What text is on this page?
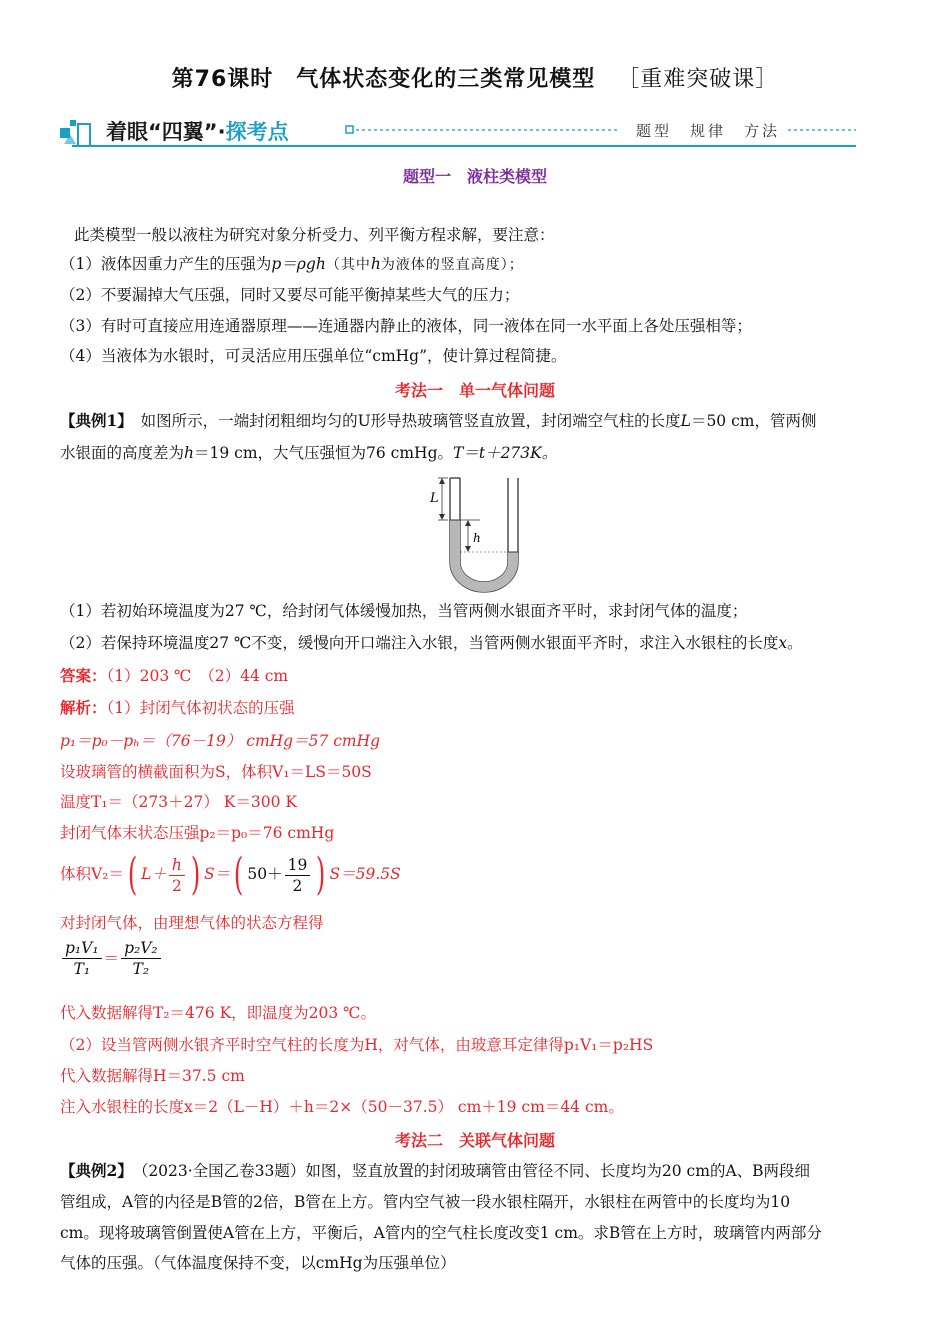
第76课时　气体状态变化的三类常见模型 ［重难突破课］
着眼“四翼”·探考点	题型　规律　方法
题型一　液柱类模型
此类模型一般以液柱为研究对象分析受力、列平衡方程求解，要注意：
（1）液体因重力产生的压强为p＝ρgh（其中h为液体的竖直高度）；
（2）不要漏掉大气压强，同时又要尽可能平衡掉某些大气的压力；
（3）有时可直接应用连通器原理——连通器内静止的液体，同一液体在同一水平面上各处压强相等；
（4）当液体为水银时，可灵活应用压强单位“cmHg”，使计算过程简捷。
考法一　单一气体问题
【典例1】　 如图所示，一端封闭粗细均匀的U形导热玻璃管竖直放置，封闭端空气柱的长度L＝50 cm，管两侧
水银面的高度差为h＝19 cm，大气压强恒为76 cmHg。T＝t＋273K。
L
h
（1）若初始环境温度为27 ℃，给封闭气体缓慢加热，当管两侧水银面齐平时，求封闭气体的温度；
（2）若保持环境温度27 ℃不变，缓慢向开口端注入水银，当管两侧水银面平齐时，求注入水银柱的长度x。
答案：（1）203 ℃　（2）44 cm
解析：（1）封闭气体初状态的压强
p₁＝p₀－pₕ＝（76－19） cmHg＝57 cmHg
设玻璃管的横截面积为S，体积V₁＝LS＝50S
温度T₁＝（273＋27） K＝300 K
封闭气体末状态压强p₂＝p₀＝76 cmHg
体积V₂＝( $L+ \frac{h}{2}$ ) S＝( $50+ \frac{19}{2}$ ) S＝59.5S
对封闭气体，由理想气体的状态方程得
$\frac{\text{p₁V₁}}{\text{T₁}} = \frac{\text{p₂V₂}}{\text{T₂}}$
代入数据解得T₂＝476 K，即温度为203 ℃。
（2）设当管两侧水银齐平时空气柱的长度为H，对气体，由玻意耳定律得p₁V₁＝p₂HS
代入数据解得H＝37.5 cm
注入水银柱的长度x＝2（L－H）＋h＝2×（50－37.5） cm＋19 cm＝44 cm。
考法二　关联气体问题
【典例2】　 （2023·全国乙卷33题）如图，竖直放置的封闭玻璃管由管径不同、长度均为20 cm的A、B两段细
管组成，A管的内径是B管的2倍，B管在上方。管内空气被一段水银柱隔开，水银柱在两管中的长度均为10
cm。现将玻璃管倒置使A管在上方，平衡后，A管内的空气柱长度改变1 cm。求B管在上方时，玻璃管内两部分
气体的压强。（气体温度保持不变，以cmHg为压强单位）
